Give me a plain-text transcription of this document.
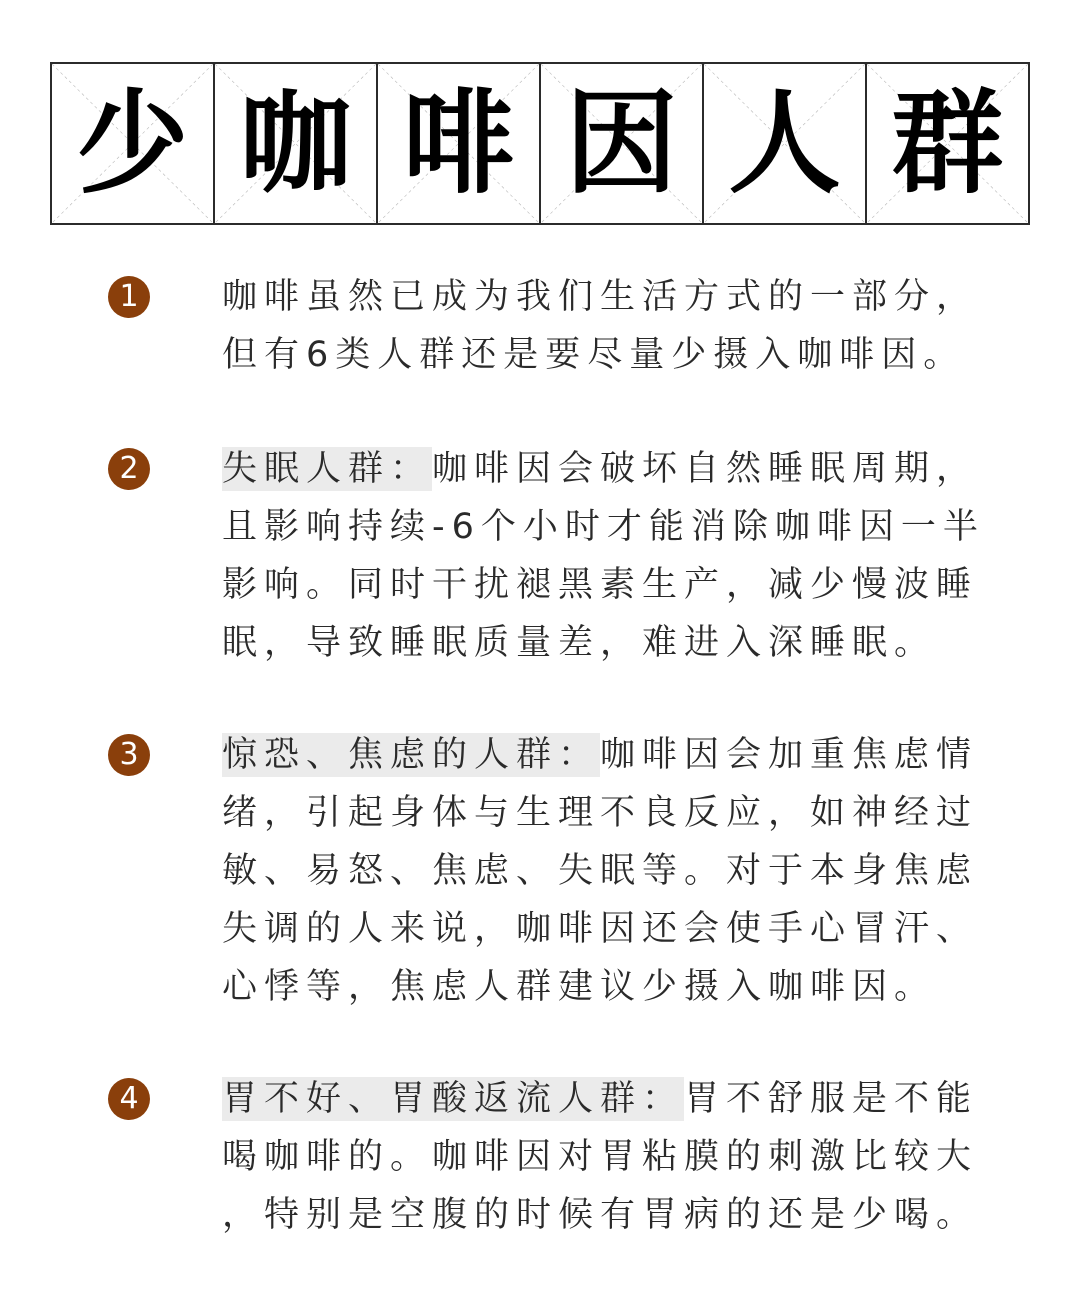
少 咖 啡 因 人 群
1	咖啡虽然已成为我们生活方式的一部分，
但有6类人群还是要尽量少摄入咖啡因。
2	失眠人群：咖啡因会破坏自然睡眠周期，
且影响持续-6个小时才能消除咖啡因一半
影响。同时干扰褪黑素生产，减少慢波睡
眠，导致睡眠质量差，难进入深睡眠。
3	惊恐、焦虑的人群：咖啡因会加重焦虑情
绪，引起身体与生理不良反应，如神经过
敏、易怒、焦虑、失眠等。对于本身焦虑
失调的人来说，咖啡因还会使手心冒汗、
心悸等，焦虑人群建议少摄入咖啡因。
4	胃不好、胃酸返流人群：胃不舒服是不能
喝咖啡的。咖啡因对胃粘膜的刺激比较大
，特别是空腹的时候有胃病的还是少喝。
